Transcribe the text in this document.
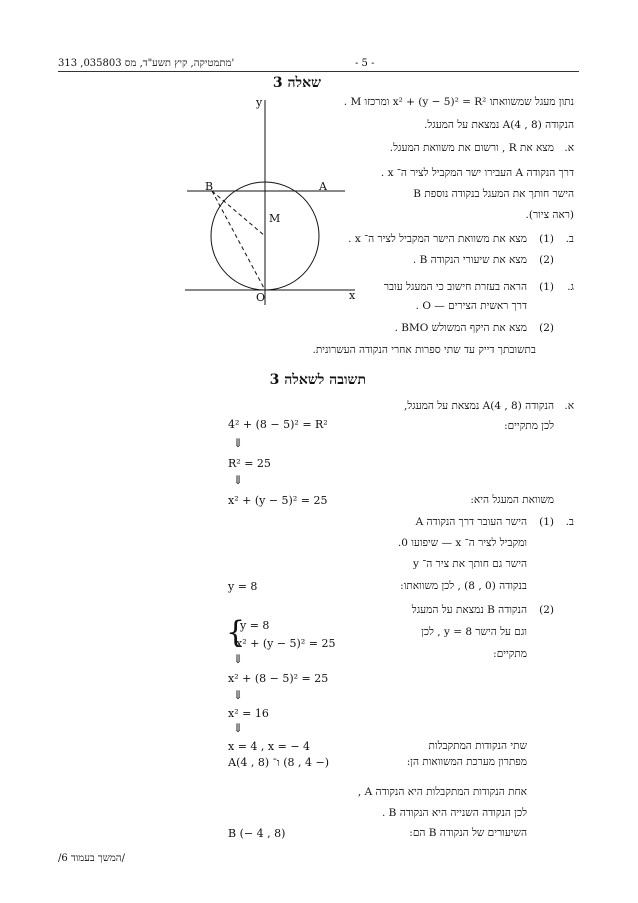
313 ,035803 מתמטיקה, קיץ תשע"ד, מס'	- 5 -
שאלה 3
y
x
B	A
M
O
נתון מעגל שמשוואתו x² + (y − 5)² = R² ומרכזו M .
הנקודה A(4 , 8) נמצאת על המעגל.
א.
מצא את R , ורשום את משוואת המעגל.
דרך הנקודה A העבירו ישר המקביל לציר ה־ x .
הישר חותך את המעגל בנקודה נוספת B
(ראה ציור).
ב.
(1)
מצא את משוואת הישר המקביל לציר ה־ x .
(2)
מצא את שיעורי הנקודה B .
ג.
(1)
הראה בעזרת חישוב כי המעגל עובר
דרך ראשית הצירים — O .
(2)
מצא את היקף המשולש BMO .
בתשובתך דייק עד שתי ספרות אחרי הנקודה העשרונית.
תשובה לשאלה 3
א.
הנקודה A(4 , 8) נמצאת על המעגל,
לכן מתקיים:
4² + (8 − 5)² = R²
⇓
R² = 25
⇓
x² + (y − 5)² = 25	משוואת המעגל היא:
ב.
(1)
הישר העובר דרך הנקודה A
ומקביל לציר ה־ x — שיפועו 0.
הישר גם חותך את ציר ה־ y
בנקודה (0 , 8) , לכן משוואתו:
y = 8
(2)
הנקודה B נמצאת על המעגל
וגם על הישר y = 8 , לכן
מתקיים:
{
y = 8
x² + (y − 5)² = 25
⇓
x² + (8 − 5)² = 25
⇓
x² = 16
⇓
x = 4 , x = − 4
(− 4 , 8) ו־ A(4 , 8)
שתי הנקודות המתקבלות
מפתרון מערכת המשוואות הן:
אחת הנקודות המתקבלות היא הנקודה A ,
לכן הנקודה השנייה היא הנקודה B .
השיעורים של הנקודה B הם:
B (− 4 , 8)
/המשך בעמוד 6/
